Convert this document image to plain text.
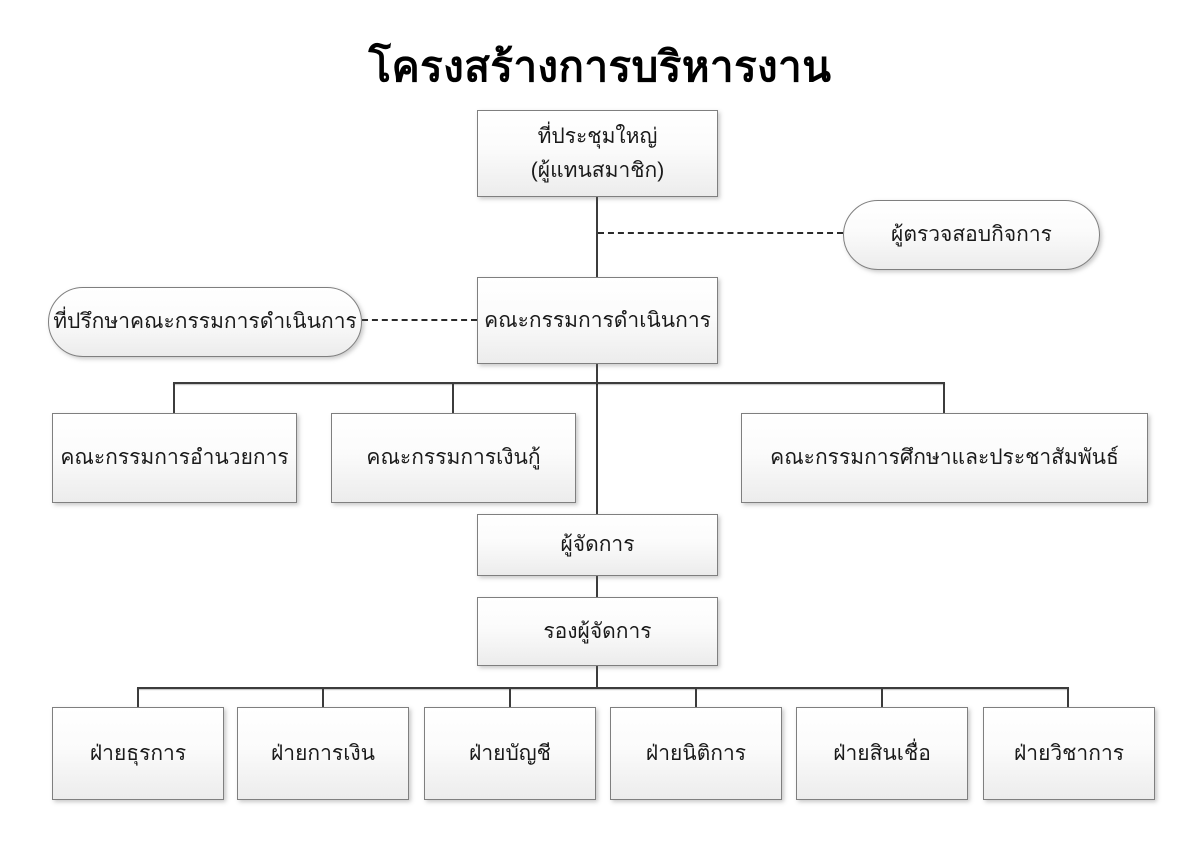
โครงสร้างการบริหารงาน
ที่ประชุมใหญ่
(ผู้แทนสมาชิก)
ผู้ตรวจสอบกิจการ
ที่ปรึกษาคณะกรรมการดำเนินการ	คณะกรรมการดำเนินการ
คณะกรรมการอำนวยการ	คณะกรรมการเงินกู้	คณะกรรมการศึกษาและประชาสัมพันธ์
ผู้จัดการ
รองผู้จัดการ
ฝ่ายธุรการ	ฝ่ายการเงิน	ฝ่ายบัญชี	ฝ่ายนิติการ	ฝ่ายสินเชื่อ	ฝ่ายวิชาการ
